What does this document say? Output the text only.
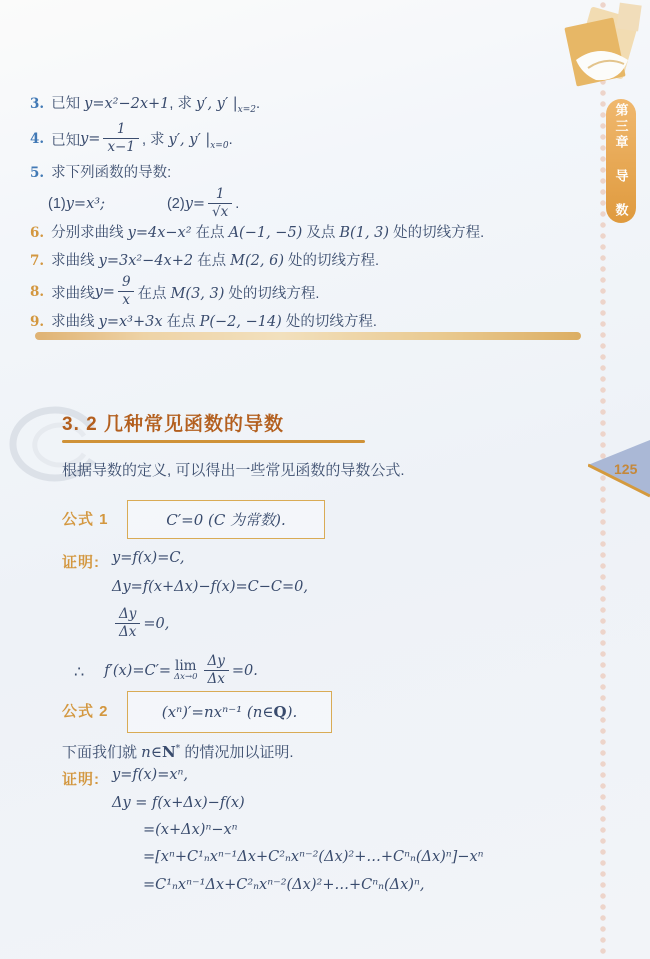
第三章 导 数
125
3. 已知 y=x²−2x+1, 求 y′, y′ $|_{x=2}$.
4. 已知 $y= \frac{1}{x-1}$ , 求 y′, y′ $|_{x=0}$.
5. 求下列函数的导数:
(1) y=x³;	(2) $y= \frac{1}{√x}$ .
6. 分别求曲线 y=4x−x² 在点 A(−1, −5) 及点 B(1, 3) 处的切线方程.
7. 求曲线 y=3x²−4x+2 在点 M(2, 6) 处的切线方程.
8. 求曲线 $y= \frac{9}{x}$ 在点 M(3, 3) 处的切线方程.
9. 求曲线 y=x³+3x 在点 P(−2, −14) 处的切线方程.
3. 2 几种常见函数的导数
根据导数的定义, 可以得出一些常见函数的导数公式.
公式 1	C′=0 (C 为常数).
证明: y=f(x)=C,
Δy=f(x+Δx)−f(x)=C−C=0,
$\frac{\Delta y}{\Delta x} =0$,
∴ f′(x)=C′= lim
$\Delta x\to 0 \frac{\Delta y}{\Delta x} =0$.
公式 2	(xⁿ)′=nxⁿ⁻¹ (n∈ Q ).
下面我们就 n∈N* 的情况加以证明.
证明: y=f(x)=xⁿ,
Δy = f(x+Δx)−f(x)
=(x+Δx)ⁿ−xⁿ
=[xⁿ+C¹ₙxⁿ⁻¹Δx+C²ₙxⁿ⁻²(Δx)²+…+Cⁿₙ(Δx)ⁿ]−xⁿ
=C¹ₙxⁿ⁻¹Δx+C²ₙxⁿ⁻²(Δx)²+…+Cⁿₙ(Δx)ⁿ,
